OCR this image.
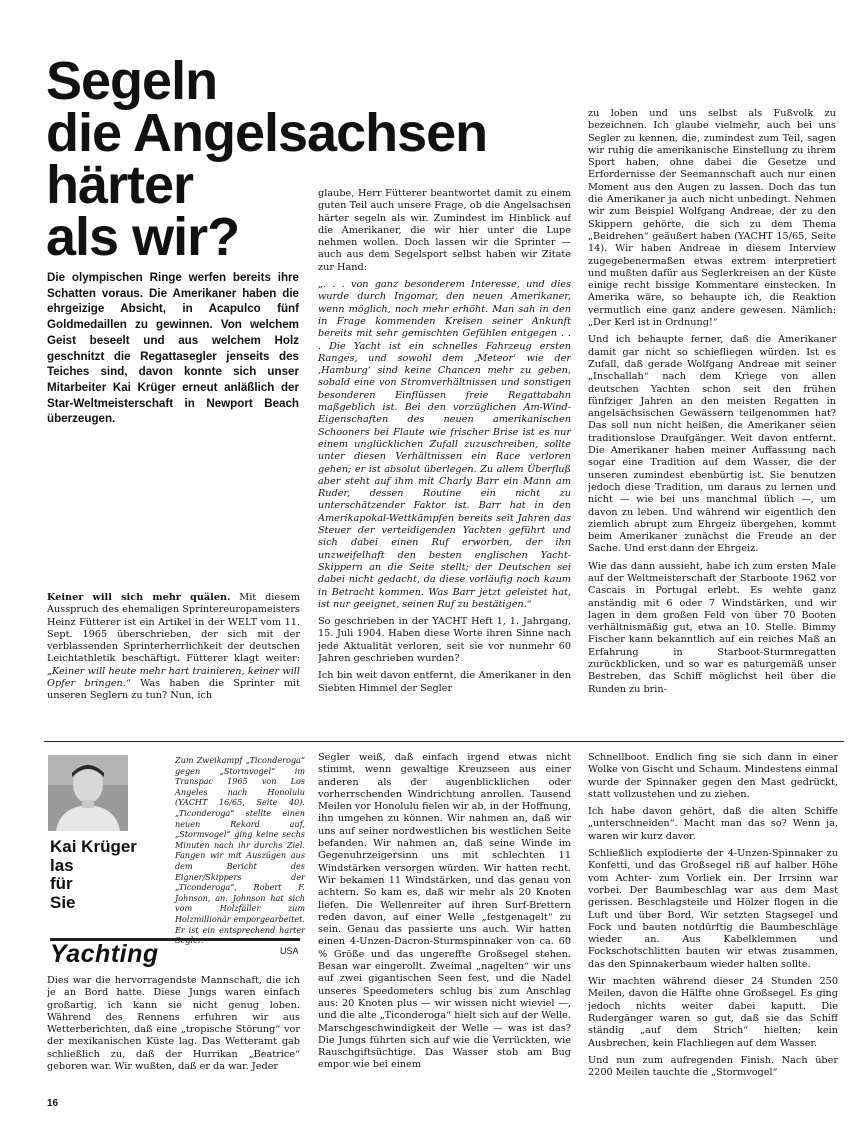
Segeln
die Angelsachsen
härter
als wir?

Die olympischen Ringe werfen bereits ihre Schatten voraus. Die Amerikaner haben die ehrgeizige Absicht, in Acapulco fünf Goldmedaillen zu gewinnen. Von welchem Geist beseelt und aus welchem Holz geschnitzt die Regattasegler jenseits des Teiches sind, davon konnte sich unser Mitarbeiter Kai Krüger erneut anläßlich der Star-Weltmeisterschaft in Newport Beach überzeugen.

Keiner will sich mehr quälen. Mit diesem Ausspruch des ehemaligen Sprintereuropameisters Heinz Fütterer ist ein Artikel in der WELT vom 11. Sept. 1965 überschrieben, der sich mit der verblassenden Sprinterherrlichkeit der deutschen Leichtathletik beschäftigt. Fütterer klagt weiter: „Keiner will heute mehr hart trainieren, keiner will Opfer bringen.“ Was haben die Sprinter mit unseren Seglern zu tun? Nun, ich

glaube, Herr Fütterer beantwortet damit zu einem guten Teil auch unsere Frage, ob die Angelsachsen härter segeln als wir. Zumindest im Hinblick auf die Amerikaner, die wir hier unter die Lupe nehmen wollen. Doch lassen wir die Sprinter — auch aus dem Segelsport selbst haben wir Zitate zur Hand:

„. . . von ganz besonderem Interesse, und dies wurde durch Ingomar, den neuen Amerikaner, wenn möglich, noch mehr erhöht. Man sah in den in Frage kommenden Kreisen seiner Ankunft bereits mit sehr gemischten Gefühlen entgegen . . . Die Yacht ist ein schnelles Fahrzeug ersten Ranges, und sowohl dem ‚Meteor‘ wie der ‚Hamburg‘ sind keine Chancen mehr zu geben, sobald eine von Stromverhältnissen und sonstigen besonderen Einflüssen freie Regattabahn maßgeblich ist. Bei den vorzüglichen Am-Wind-Eigenschaften des neuen amerikanischen Schooners bei Flaute wie frischer Brise ist es nur einem unglücklichen Zufall zuzuschreiben, sollte unter diesen Verhältnissen ein Race verloren gehen; er ist absolut überlegen. Zu allem Überfluß aber steht auf ihm mit Charly Barr ein Mann am Ruder, dessen Routine ein nicht zu unterschätzender Faktor ist. Barr hat in den Amerikapokal-Wettkämpfen bereits seit Jahren das Steuer der verteidigenden Yachten geführt und sich dabei einen Ruf erworben, der ihn unzweifelhaft den besten englischen Yacht-Skippern an die Seite stellt; der Deutschen sei dabei nicht gedacht, da diese vorläufig noch kaum in Betracht kommen. Was Barr jetzt geleistet hat, ist nur geeignet, seinen Ruf zu bestätigen.“

So geschrieben in der YACHT Heft 1, 1. Jahrgang, 15. Juli 1904. Haben diese Worte ihren Sinne nach jede Aktualität verloren, seit sie vor nunmehr 60 Jahren geschrieben wurden?

Ich bin weit davon entfernt, die Amerikaner in den Siebten Himmel der Segler

zu loben und uns selbst als Fußvolk zu bezeichnen. Ich glaube vielmehr, auch bei uns Segler zu kennen, die, zumindest zum Teil, sagen wir ruhig die amerikanische Einstellung zu ihrem Sport haben, ohne dabei die Gesetze und Erfordernisse der Seemannschaft auch nur einen Moment aus den Augen zu lassen. Doch das tun die Amerikaner ja auch nicht unbedingt. Nehmen wir zum Beispiel Wolfgang Andreae, der zu den Skippern gehörte, die sich zu dem Thema „Beidrehen“ geäußert haben (YACHT 15/65, Seite 14). Wir haben Andreae in diesem Interview zugegebenermaßen etwas extrem interpretiert und mußten dafür aus Seglerkreisen an der Küste einige recht bissige Kommentare einstecken. In Amerika wäre, so behaupte ich, die Reaktion vermutlich eine ganz andere gewesen. Nämlich: „Der Kerl ist in Ordnung!“

Und ich behaupte ferner, daß die Amerikaner damit gar nicht so schiefliegen würden. Ist es Zufall, daß gerade Wolfgang Andreae mit seiner „Inschallah“ nach dem Kriege von allen deutschen Yachten schon seit den frühen fünfziger Jahren an den meisten Regatten in angelsächsischen Gewässern teilgenommen hat? Das soll nun nicht heißen, die Amerikaner seien traditionslose Draufgänger. Weit davon entfernt. Die Amerikaner haben meiner Auffassung nach sogar eine Tradition auf dem Wasser, die der unseren zumindest ebenbürtig ist. Sie benutzen jedoch diese Tradition, um daraus zu lernen und nicht — wie bei uns manchmal üblich —, um davon zu leben. Und während wir eigentlich den ziemlich abrupt zum Ehrgeiz übergehen, kommt beim Amerikaner zunächst die Freude an der Sache. Und erst dann der Ehrgeiz.

Wie das dann aussieht, habe ich zum ersten Male auf der Weltmeisterschaft der Starboote 1962 vor Cascais in Portugal erlebt. Es wehte ganz anständig mit 6 oder 7 Windstärken, und wir lagen in dem großen Feld von über 70 Booten verhältnismäßig gut, etwa an 10. Stelle. Bimmy Fischer kann bekanntlich auf ein reiches Maß an Erfahrung in Starboot-Sturmregatten zurückblicken, und so war es naturgemäß unser Bestreben, das Schiff möglichst heil über die Runden zu brin-

Kai Krüger
las
für
Sie

Zum Zweikampf „Ticonderoga“ gegen „Stormvogel“ im Transpac 1965 von Los Angeles nach Honolulu (YACHT 16/65, Seite 40). „Ticonderoga“ stellte einen neuen Rekord auf, „Stormvogel“ ging keine sechs Minuten nach ihr durchs Ziel. Fangen wir mit Auszügen aus dem Bericht des Eigner/Skippers der „Ticonderoga“, Robert F. Johnson, an. Johnson hat sich vom Holzfäller zum Holzmillionär emporgearbeitet. Er ist ein entsprechend harter

Yachting	USA

Dies war die hervorragendste Mannschaft, die ich je an Bord hatte. Diese Jungs waren einfach großartig, ich kann sie nicht genug loben. Während des Rennens erfuhren wir aus Wetterberichten, daß eine „tropische Störung“ vor der mexikanischen Küste lag. Das Wetteramt gab schließlich zu, daß der Hurrikan „Beatrice“ geboren war. Wir wußten, daß er da war. Jeder

Segler weiß, daß einfach irgend etwas nicht stimmt, wenn gewaltige Kreuzseen aus einer anderen als der augenblicklichen oder vorherrschenden Windrichtung anrollen. Tausend Meilen vor Honolulu fielen wir ab, in der Hoffnung, ihn umgehen zu können. Wir nahmen an, daß wir uns auf seiner nordwestlichen bis westlichen Seite befanden. Wir nahmen an, daß seine Winde im Gegenuhrzeigersinn uns mit schlechten 11 Windstärken versorgen würden. Wir hatten recht. Wir bekamen 11 Windstärken, und das genau von achtern. So kam es, daß wir mehr als 20 Knoten liefen. Die Wellenreiter auf ihren Surf-Brettern reden davon, auf einer Welle „festgenagelt“ zu sein. Genau das passierte uns auch. Wir hatten einen 4-Unzen-Dacron-Sturmspinnaker von ca. 60 % Größe und das ungereffte Großsegel stehen. Besan war eingerollt. Zweimal „nagelten“ wir uns auf zwei gigantischen Seen fest, und die Nadel unseres Speedometers schlug bis zum Anschlag aus: 20 Knoten plus — wir wissen nicht wieviel —, und die alte „Ticonderoga“ hielt sich auf der Welle. Marschgeschwindigkeit der Welle — was ist das? Die Jungs führten sich auf wie die Verrückten, wie Rauschgiftsüchtige. Das Wasser stob am Bug empor wie bei einem

Schnellboot. Endlich fing sie sich dann in einer Wolke von Gischt und Schaum. Mindestens einmal wurde der Spinnaker gegen den Mast gedrückt, statt vollzustehen und zu ziehen.

Ich habe davon gehört, daß die alten Schiffe „unterschneiden“. Macht man das so? Wenn ja, waren wir kurz davor.

Schließlich explodierte der 4-Unzen-Spinnaker zu Konfetti, und das Großsegel riß auf halber Höhe vom Achter- zum Vorliek ein. Der Irrsinn war vorbei. Der Baumbeschlag war aus dem Mast gerissen. Beschlagsteile und Hölzer flogen in die Luft und über Bord. Wir setzten Stagsegel und Fock und bauten notdürftig die Baumbeschläge wieder an. Aus Kabelklemmen und Fockschotschlitten bauten wir etwas zusammen, das den Spinnakerbaum wieder halten sollte.

Wir machten während dieser 24 Stunden 250 Meilen, davon die Hälfte ohne Großsegel. Es ging jedoch nichts weiter dabei kaputt. Die Rudergänger waren so gut, daß sie das Schiff ständig „auf dem Strich“ hielten; kein Ausbrechen, kein Flachliegen auf dem Wasser.

Und nun zum aufregenden Finish. Nach über 2200 Meilen tauchte die „Stormvogel“

16
